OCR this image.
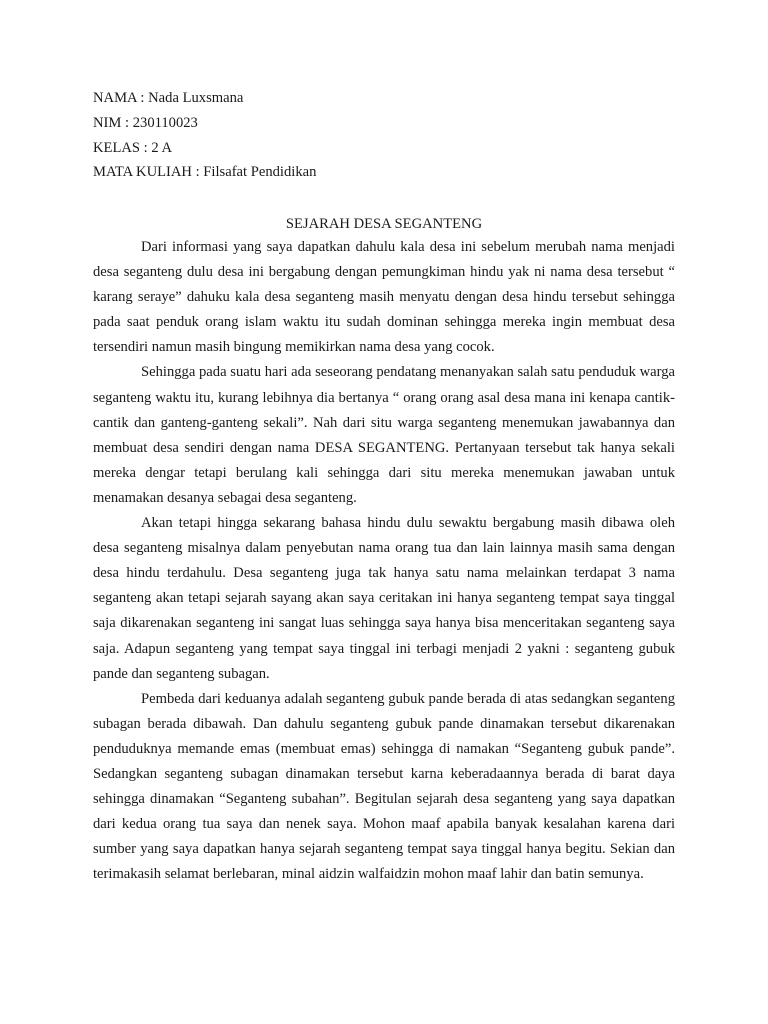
NAMA : Nada Luxsmana
NIM : 230110023
KELAS : 2 A
MATA KULIAH : Filsafat Pendidikan
SEJARAH DESA SEGANTENG

Dari informasi yang saya dapatkan dahulu kala desa ini sebelum merubah nama menjadi desa seganteng dulu desa ini bergabung dengan pemungkiman hindu yak ni nama desa tersebut “ karang seraye” dahuku kala desa seganteng masih menyatu dengan desa hindu tersebut sehingga pada saat penduk orang islam waktu itu sudah dominan sehingga mereka ingin membuat desa tersendiri namun masih bingung memikirkan nama desa yang cocok.

Sehingga pada suatu hari ada seseorang pendatang menanyakan salah satu penduduk warga seganteng waktu itu, kurang lebihnya dia bertanya “ orang orang asal desa mana ini kenapa cantik-cantik dan ganteng-ganteng sekali”. Nah dari situ warga seganteng menemukan jawabannya dan membuat desa sendiri dengan nama DESA SEGANTENG. Pertanyaan tersebut tak hanya sekali mereka dengar tetapi berulang kali sehingga dari situ mereka menemukan jawaban untuk menamakan desanya sebagai desa seganteng.

Akan tetapi hingga sekarang bahasa hindu dulu sewaktu bergabung masih dibawa oleh desa seganteng misalnya dalam penyebutan nama orang tua dan lain lainnya masih sama dengan desa hindu terdahulu. Desa seganteng juga tak hanya satu nama melainkan terdapat 3 nama seganteng akan tetapi sejarah sayang akan saya ceritakan ini hanya seganteng tempat saya tinggal saja dikarenakan seganteng ini sangat luas sehingga saya hanya bisa menceritakan seganteng saya saja. Adapun seganteng yang tempat saya tinggal ini terbagi menjadi 2 yakni : seganteng gubuk pande dan seganteng subagan.

Pembeda dari keduanya adalah seganteng gubuk pande berada di atas sedangkan seganteng subagan berada dibawah. Dan dahulu seganteng gubuk pande dinamakan tersebut dikarenakan penduduknya memande emas (membuat emas) sehingga di namakan “Seganteng gubuk pande”. Sedangkan seganteng subagan dinamakan tersebut karna keberadaannya berada di barat daya sehingga dinamakan “Seganteng subahan”. Begitulan sejarah desa seganteng yang saya dapatkan dari kedua orang tua saya dan nenek saya. Mohon maaf apabila banyak kesalahan karena dari sumber yang saya dapatkan hanya sejarah seganteng tempat saya tinggal hanya begitu. Sekian dan terimakasih selamat berlebaran, minal aidzin walfaidzin mohon maaf lahir dan batin semunya.
